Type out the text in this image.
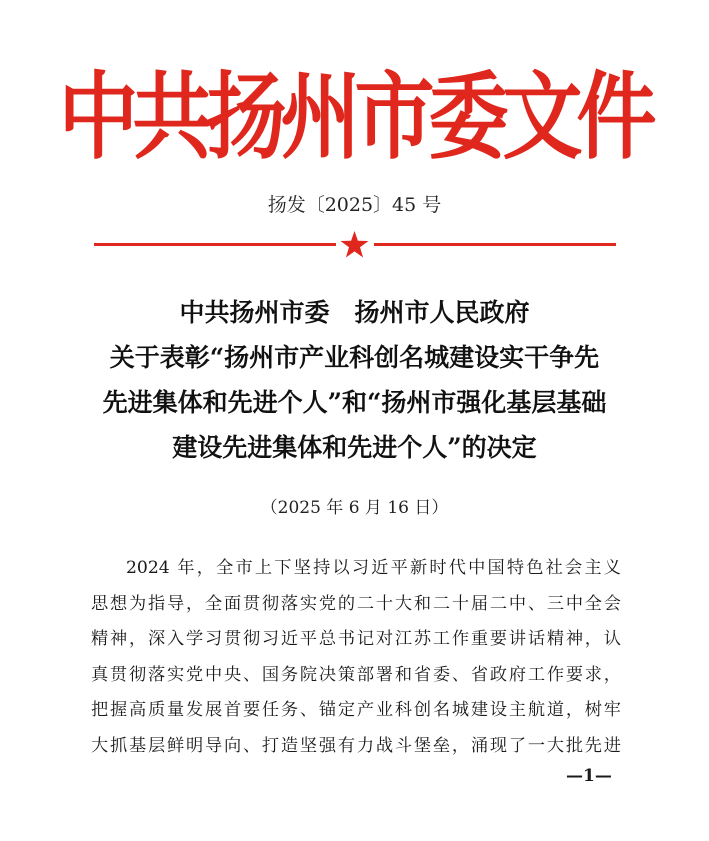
中共扬州市委文件
扬发〔2025〕45 号
中共扬州市委　扬州市人民政府
关于表彰“扬州市产业科创名城建设实干争先
先进集体和先进个人”和“扬州市强化基层基础
建设先进集体和先进个人”的决定
（2025 年 6 月 16 日）
2024 年，全市上下坚持以习近平新时代中国特色社会主义
思想为指导，全面贯彻落实党的二十大和二十届二中、三中全会
精神，深入学习贯彻习近平总书记对江苏工作重要讲话精神，认
真贯彻落实党中央、国务院决策部署和省委、省政府工作要求，
把握高质量发展首要任务、锚定产业科创名城建设主航道，树牢
大抓基层鲜明导向、打造坚强有力战斗堡垒，涌现了一大批先进
—1—
